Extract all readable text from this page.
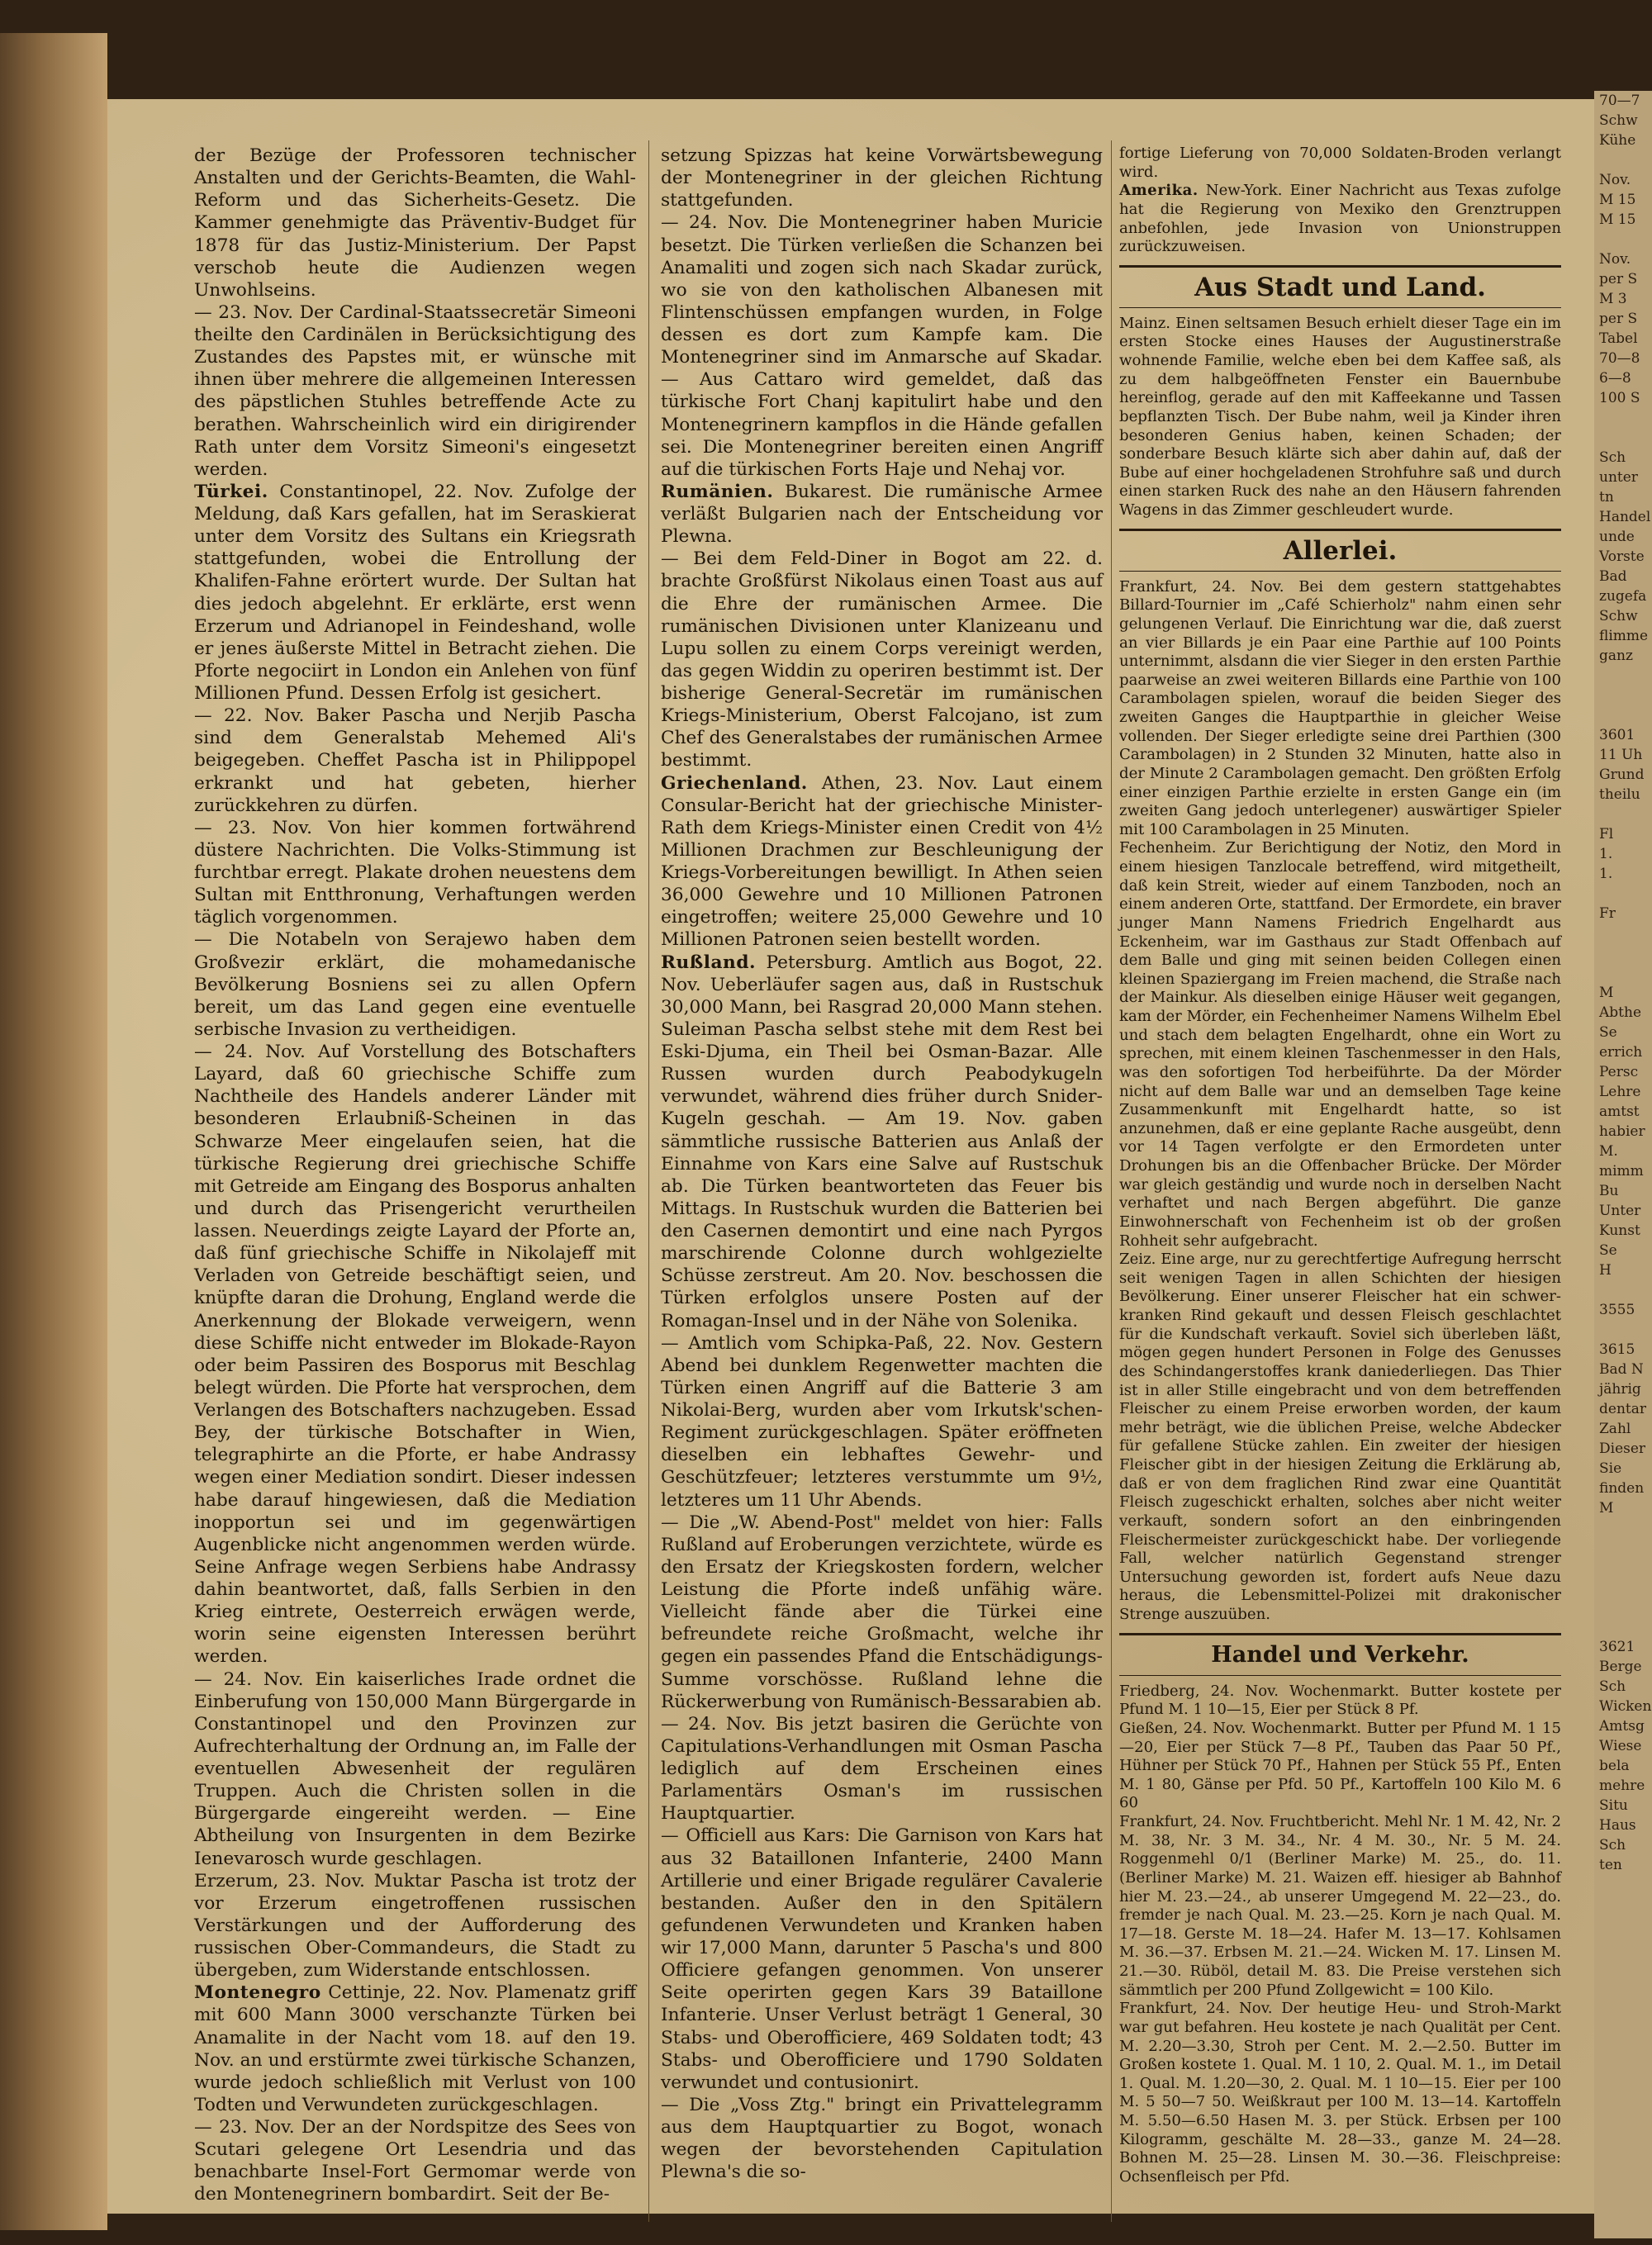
70—7
Schw
Kühe

Nov.
M 15
M 15

Nov.
per S
M 3
per S
Tabel
70—8
6—8
100 S

Sch
unter
tn
Handel
unde
Vorste
Bad
zugefa
Schw
flimme
ganz

3601
11 Uh
Grund
theilu

Fl
1.
1.

Fr

M
Abthe
Se
errich
Persc
Lehre
amtst
habier
M.
mimm
Bu
Unter
Kunst
Se
H

3555

3615
Bad N
jährig
dentar
Zahl
Dieser
Sie
finden
M

3621
Berge
Sch
Wicken
Amtsg
Wiese
bela
mehre
Situ
Haus
Sch
ten

der Bezüge der Professoren technischer Anstalten und der Gerichts-Beamten, die Wahl-Reform und das Sicherheits-Gesetz. Die Kammer genehmigte das Präventiv-Budget für 1878 für das Justiz-Ministerium. Der Papst verschob heute die Audienzen wegen Unwohlseins.

— 23. Nov. Der Cardinal-Staatssecretär Simeoni theilte den Cardinälen in Berücksichtigung des Zustandes des Papstes mit, er wünsche mit ihnen über mehrere die allgemeinen Interessen des päpstlichen Stuhles betreffende Acte zu berathen. Wahrscheinlich wird ein dirigirender Rath unter dem Vorsitz Simeoni's eingesetzt werden.

Türkei. Constantinopel, 22. Nov. Zufolge der Meldung, daß Kars gefallen, hat im Seraskierat unter dem Vorsitz des Sultans ein Kriegsrath stattgefunden, wobei die Entrollung der Khalifen-Fahne erörtert wurde. Der Sultan hat dies jedoch abgelehnt. Er erklärte, erst wenn Erzerum und Adrianopel in Feindeshand, wolle er jenes äußerste Mittel in Betracht ziehen. Die Pforte negociirt in London ein Anlehen von fünf Millionen Pfund. Dessen Erfolg ist gesichert.

— 22. Nov. Baker Pascha und Nerjib Pascha sind dem Generalstab Mehemed Ali's beigegeben. Cheffet Pascha ist in Philippopel erkrankt und hat gebeten, hierher zurückkehren zu dürfen.

— 23. Nov. Von hier kommen fortwährend düstere Nachrichten. Die Volks-Stimmung ist furchtbar erregt. Plakate drohen neuestens dem Sultan mit Entthronung, Verhaftungen werden täglich vorgenommen.

— Die Notabeln von Serajewo haben dem Großvezir erklärt, die mohamedanische Bevölkerung Bosniens sei zu allen Opfern bereit, um das Land gegen eine eventuelle serbische Invasion zu vertheidigen.

— 24. Nov. Auf Vorstellung des Botschafters Layard, daß 60 griechische Schiffe zum Nachtheile des Handels anderer Länder mit besonderen Erlaubniß-Scheinen in das Schwarze Meer eingelaufen seien, hat die türkische Regierung drei griechische Schiffe mit Getreide am Eingang des Bosporus anhalten und durch das Prisengericht verurtheilen lassen. Neuerdings zeigte Layard der Pforte an, daß fünf griechische Schiffe in Nikolajeff mit Verladen von Getreide beschäftigt seien, und knüpfte daran die Drohung, England werde die Anerkennung der Blokade verweigern, wenn diese Schiffe nicht entweder im Blokade-Rayon oder beim Passiren des Bosporus mit Beschlag belegt würden. Die Pforte hat versprochen, dem Verlangen des Botschafters nachzugeben. Essad Bey, der türkische Botschafter in Wien, telegraphirte an die Pforte, er habe Andrassy wegen einer Mediation sondirt. Dieser indessen habe darauf hingewiesen, daß die Mediation inopportun sei und im gegenwärtigen Augenblicke nicht angenommen werden würde. Seine Anfrage wegen Serbiens habe Andrassy dahin beantwortet, daß, falls Serbien in den Krieg eintrete, Oesterreich erwägen werde, worin seine eigensten Interessen berührt werden.

— 24. Nov. Ein kaiserliches Irade ordnet die Einberufung von 150,000 Mann Bürgergarde in Constantinopel und den Provinzen zur Aufrechterhaltung der Ordnung an, im Falle der eventuellen Abwesenheit der regulären Truppen. Auch die Christen sollen in die Bürgergarde eingereiht werden. — Eine Abtheilung von Insurgenten in dem Bezirke Ienevarosch wurde geschlagen.

Erzerum, 23. Nov. Muktar Pascha ist trotz der vor Erzerum eingetroffenen russischen Verstärkungen und der Aufforderung des russischen Ober-Commandeurs, die Stadt zu übergeben, zum Widerstande entschlossen.

Montenegro Cettinje, 22. Nov. Plamenatz griff mit 600 Mann 3000 verschanzte Türken bei Anamalite in der Nacht vom 18. auf den 19. Nov. an und erstürmte zwei türkische Schanzen, wurde jedoch schließlich mit Verlust von 100 Todten und Verwundeten zurückgeschlagen.

— 23. Nov. Der an der Nordspitze des Sees von Scutari gelegene Ort Lesendria und das benachbarte Insel-Fort Germomar werde von den Montenegrinern bombardirt. Seit der Be-

setzung Spizzas hat keine Vorwärtsbewegung der Montenegriner in der gleichen Richtung stattgefunden.

— 24. Nov. Die Montenegriner haben Muricie besetzt. Die Türken verließen die Schanzen bei Anamaliti und zogen sich nach Skadar zurück, wo sie von den katholischen Albanesen mit Flintenschüssen empfangen wurden, in Folge dessen es dort zum Kampfe kam. Die Montenegriner sind im Anmarsche auf Skadar. — Aus Cattaro wird gemeldet, daß das türkische Fort Chanj kapitulirt habe und den Montenegrinern kampflos in die Hände gefallen sei. Die Montenegriner bereiten einen Angriff auf die türkischen Forts Haje und Nehaj vor.

Rumänien. Bukarest. Die rumänische Armee verläßt Bulgarien nach der Entscheidung vor Plewna.

— Bei dem Feld-Diner in Bogot am 22. d. brachte Großfürst Nikolaus einen Toast aus auf die Ehre der rumänischen Armee. Die rumänischen Divisionen unter Klanizeanu und Lupu sollen zu einem Corps vereinigt werden, das gegen Widdin zu operiren bestimmt ist. Der bisherige General-Secretär im rumänischen Kriegs-Ministerium, Oberst Falcojano, ist zum Chef des Generalstabes der rumänischen Armee bestimmt.

Griechenland. Athen, 23. Nov. Laut einem Consular-Bericht hat der griechische Minister-Rath dem Kriegs-Minister einen Credit von 4½ Millionen Drachmen zur Beschleunigung der Kriegs-Vorbereitungen bewilligt. In Athen seien 36,000 Gewehre und 10 Millionen Patronen eingetroffen; weitere 25,000 Gewehre und 10 Millionen Patronen seien bestellt worden.

Rußland. Petersburg. Amtlich aus Bogot, 22. Nov. Ueberläufer sagen aus, daß in Rustschuk 30,000 Mann, bei Rasgrad 20,000 Mann stehen. Suleiman Pascha selbst stehe mit dem Rest bei Eski-Djuma, ein Theil bei Osman-Bazar. Alle Russen wurden durch Peabodykugeln verwundet, während dies früher durch Snider-Kugeln geschah. — Am 19. Nov. gaben sämmtliche russische Batterien aus Anlaß der Einnahme von Kars eine Salve auf Rustschuk ab. Die Türken beantworteten das Feuer bis Mittags. In Rustschuk wurden die Batterien bei den Casernen demontirt und eine nach Pyrgos marschirende Colonne durch wohlgezielte Schüsse zerstreut. Am 20. Nov. beschossen die Türken erfolglos unsere Posten auf der Romagan-Insel und in der Nähe von Solenika.

— Amtlich vom Schipka-Paß, 22. Nov. Gestern Abend bei dunklem Regenwetter machten die Türken einen Angriff auf die Batterie 3 am Nikolai-Berg, wurden aber vom Irkutsk'schen-Regiment zurückgeschlagen. Später eröffneten dieselben ein lebhaftes Gewehr- und Geschützfeuer; letzteres verstummte um 9½, letzteres um 11 Uhr Abends.

— Die „W. Abend-Post" meldet von hier: Falls Rußland auf Eroberungen verzichtete, würde es den Ersatz der Kriegskosten fordern, welcher Leistung die Pforte indeß unfähig wäre. Vielleicht fände aber die Türkei eine befreundete reiche Großmacht, welche ihr gegen ein passendes Pfand die Entschädigungs-Summe vorschösse. Rußland lehne die Rückerwerbung von Rumänisch-Bessarabien ab.

— 24. Nov. Bis jetzt basiren die Gerüchte von Capitulations-Verhandlungen mit Osman Pascha lediglich auf dem Erscheinen eines Parlamentärs Osman's im russischen Hauptquartier.

— Officiell aus Kars: Die Garnison von Kars hat aus 32 Bataillonen Infanterie, 2400 Mann Artillerie und einer Brigade regulärer Cavalerie bestanden. Außer den in den Spitälern gefundenen Verwundeten und Kranken haben wir 17,000 Mann, darunter 5 Pascha's und 800 Officiere gefangen genommen. Von unserer Seite operirten gegen Kars 39 Bataillone Infanterie. Unser Verlust beträgt 1 General, 30 Stabs- und Oberofficiere, 469 Soldaten todt; 43 Stabs- und Oberofficiere und 1790 Soldaten verwundet und contusionirt.

— Die „Voss Ztg." bringt ein Privattelegramm aus dem Hauptquartier zu Bogot, wonach wegen der bevorstehenden Capitulation Plewna's die so-

fortige Lieferung von 70,000 Soldaten-Broden verlangt wird.

Amerika. New-York. Einer Nachricht aus Texas zufolge hat die Regierung von Mexiko den Grenztruppen anbefohlen, jede Invasion von Unionstruppen zurückzuweisen.

Aus Stadt und Land.

Mainz. Einen seltsamen Besuch erhielt dieser Tage ein im ersten Stocke eines Hauses der Augustinerstraße wohnende Familie, welche eben bei dem Kaffee saß, als zu dem halbgeöffneten Fenster ein Bauernbube hereinflog, gerade auf den mit Kaffeekanne und Tassen bepflanzten Tisch. Der Bube nahm, weil ja Kinder ihren besonderen Genius haben, keinen Schaden; der sonderbare Besuch klärte sich aber dahin auf, daß der Bube auf einer hochgeladenen Strohfuhre saß und durch einen starken Ruck des nahe an den Häusern fahrenden Wagens in das Zimmer geschleudert wurde.

Allerlei.

Frankfurt, 24. Nov. Bei dem gestern stattgehabtes Billard-Tournier im „Café Schierholz" nahm einen sehr gelungenen Verlauf. Die Einrichtung war die, daß zuerst an vier Billards je ein Paar eine Parthie auf 100 Points unternimmt, alsdann die vier Sieger in den ersten Parthie paarweise an zwei weiteren Billards eine Parthie von 100 Carambolagen spielen, worauf die beiden Sieger des zweiten Ganges die Hauptparthie in gleicher Weise vollenden. Der Sieger erledigte seine drei Parthien (300 Carambolagen) in 2 Stunden 32 Minuten, hatte also in der Minute 2 Carambolagen gemacht. Den größten Erfolg einer einzigen Parthie erzielte in ersten Gange ein (im zweiten Gang jedoch unterlegener) auswärtiger Spieler mit 100 Carambolagen in 25 Minuten.

Fechenheim. Zur Berichtigung der Notiz, den Mord in einem hiesigen Tanzlocale betreffend, wird mitgetheilt, daß kein Streit, wieder auf einem Tanzboden, noch an einem anderen Orte, stattfand. Der Ermordete, ein braver junger Mann Namens Friedrich Engelhardt aus Eckenheim, war im Gasthaus zur Stadt Offenbach auf dem Balle und ging mit seinen beiden Collegen einen kleinen Spaziergang im Freien machend, die Straße nach der Mainkur. Als dieselben einige Häuser weit gegangen, kam der Mörder, ein Fechenheimer Namens Wilhelm Ebel und stach dem belagten Engelhardt, ohne ein Wort zu sprechen, mit einem kleinen Taschenmesser in den Hals, was den sofortigen Tod herbeiführte. Da der Mörder nicht auf dem Balle war und an demselben Tage keine Zusammenkunft mit Engelhardt hatte, so ist anzunehmen, daß er eine geplante Rache ausgeübt, denn vor 14 Tagen verfolgte er den Ermordeten unter Drohungen bis an die Offenbacher Brücke. Der Mörder war gleich geständig und wurde noch in derselben Nacht verhaftet und nach Bergen abgeführt. Die ganze Einwohnerschaft von Fechenheim ist ob der großen Rohheit sehr aufgebracht.

Zeiz. Eine arge, nur zu gerechtfertige Aufregung herrscht seit wenigen Tagen in allen Schichten der hiesigen Bevölkerung. Einer unserer Fleischer hat ein schwer-kranken Rind gekauft und dessen Fleisch geschlachtet für die Kundschaft verkauft. Soviel sich überleben läßt, mögen gegen hundert Personen in Folge des Genusses des Schindangerstoffes krank daniederliegen. Das Thier ist in aller Stille eingebracht und von dem betreffenden Fleischer zu einem Preise erworben worden, der kaum mehr beträgt, wie die üblichen Preise, welche Abdecker für gefallene Stücke zahlen. Ein zweiter der hiesigen Fleischer gibt in der hiesigen Zeitung die Erklärung ab, daß er von dem fraglichen Rind zwar eine Quantität Fleisch zugeschickt erhalten, solches aber nicht weiter verkauft, sondern sofort an den einbringenden Fleischermeister zurückgeschickt habe. Der vorliegende Fall, welcher natürlich Gegenstand strenger Untersuchung geworden ist, fordert aufs Neue dazu heraus, die Lebensmittel-Polizei mit drakonischer Strenge auszuüben.

Handel und Verkehr.

Friedberg, 24. Nov. Wochenmarkt. Butter kostete per Pfund M. 1 10—15, Eier per Stück 8 Pf.

Gießen, 24. Nov. Wochenmarkt. Butter per Pfund M. 1 15—20, Eier per Stück 7—8 Pf., Tauben das Paar 50 Pf., Hühner per Stück 70 Pf., Hahnen per Stück 55 Pf., Enten M. 1 80, Gänse per Pfd. 50 Pf., Kartoffeln 100 Kilo M. 6 60

Frankfurt, 24. Nov. Fruchtbericht. Mehl Nr. 1 M. 42, Nr. 2 M. 38, Nr. 3 M. 34., Nr. 4 M. 30., Nr. 5 M. 24. Roggenmehl 0/1 (Berliner Marke) M. 25., do. 11. (Berliner Marke) M. 21. Waizen eff. hiesiger ab Bahnhof hier M. 23.—24., ab unserer Umgegend M. 22—23., do. fremder je nach Qual. M. 23.—25. Korn je nach Qual. M. 17—18. Gerste M. 18—24. Hafer M. 13—17. Kohlsamen M. 36.—37. Erbsen M. 21.—24. Wicken M. 17. Linsen M. 21.—30. Rüböl, detail M. 83. Die Preise verstehen sich sämmtlich per 200 Pfund Zollgewicht = 100 Kilo.

Frankfurt, 24. Nov. Der heutige Heu- und Stroh-Markt war gut befahren. Heu kostete je nach Qualität per Cent. M. 2.20—3.30, Stroh per Cent. M. 2.—2.50. Butter im Großen kostete 1. Qual. M. 1 10, 2. Qual. M. 1., im Detail 1. Qual. M. 1.20—30, 2. Qual. M. 1 10—15. Eier per 100 M. 5 50—7 50. Weißkraut per 100 M. 13—14. Kartoffeln M. 5.50—6.50 Hasen M. 3. per Stück. Erbsen per 100 Kilogramm, geschälte M. 28—33., ganze M. 24—28. Bohnen M. 25—28. Linsen M. 30.—36. Fleischpreise: Ochsenfleisch per Pfd.
